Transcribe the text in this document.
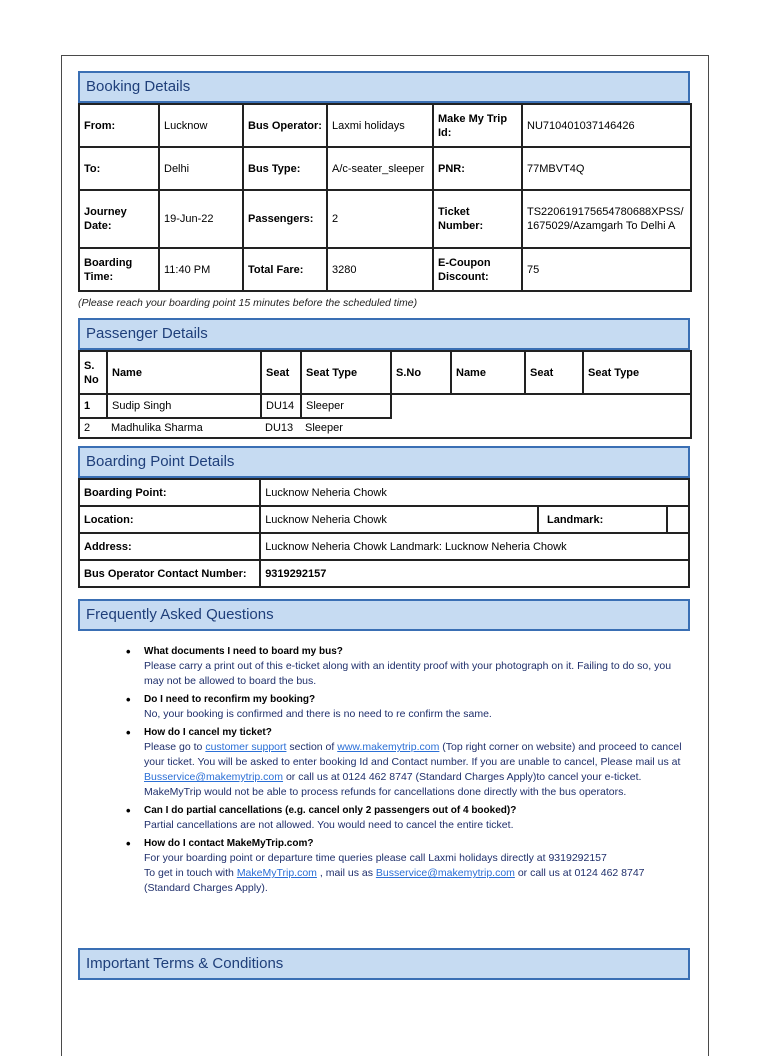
Booking Details
From:	Lucknow	Bus Operator:	Laxmi holidays	Make My Trip Id:	NU710401037146426
To:	Delhi	Bus Type:	A/c-seater_sleeper	PNR:	77MBVT4Q
Journey Date:	19-Jun-22	Passengers:	2	Ticket Number:	TS220619175654780688XPSS/1675029/Azamgarh To Delhi A
Boarding Time:	11:40 PM	Total Fare:	3280	E-Coupon Discount:	75
(Please reach your boarding point 15 minutes before the scheduled time)
Passenger Details
S. No	Name	Seat	Seat Type	S.No	Name	Seat	Seat Type
1	Sudip Singh	DU14	Sleeper				
2	Madhulika Sharma	DU13	Sleeper				
Boarding Point Details
Boarding Point:	Lucknow Neheria Chowk		
Location:	Lucknow Neheria Chowk	Landmark:	
Address:	Lucknow Neheria Chowk Landmark: Lucknow Neheria Chowk		
Bus Operator Contact Number:	9319292157		
Frequently Asked Questions
• What documents I need to board my bus?
Please carry a print out of this e-ticket along with an identity proof with your photograph on it. Failing to do so, you may not be allowed to board the bus.
• Do I need to reconfirm my booking?
No, your booking is confirmed and there is no need to re confirm the same.
• How do I cancel my ticket?
Please go to customer support section of www.makemytrip.com (Top right corner on website) and proceed to cancel your ticket. You will be asked to enter booking Id and Contact number. If you are unable to cancel, Please mail us at Busservice@makemytrip.com or call us at 0124 462 8747 (Standard Charges Apply)to cancel your e-ticket.
MakeMyTrip would not be able to process refunds for cancellations done directly with the bus operators.
• Can I do partial cancellations (e.g. cancel only 2 passengers out of 4 booked)?
Partial cancellations are not allowed. You would need to cancel the entire ticket.
• How do I contact MakeMyTrip.com?
For your boarding point or departure time queries please call Laxmi holidays directly at 9319292157
To get in touch with MakeMyTrip.com , mail us as Busservice@makemytrip.com or call us at 0124 462 8747 (Standard Charges Apply).
Important Terms & Conditions
